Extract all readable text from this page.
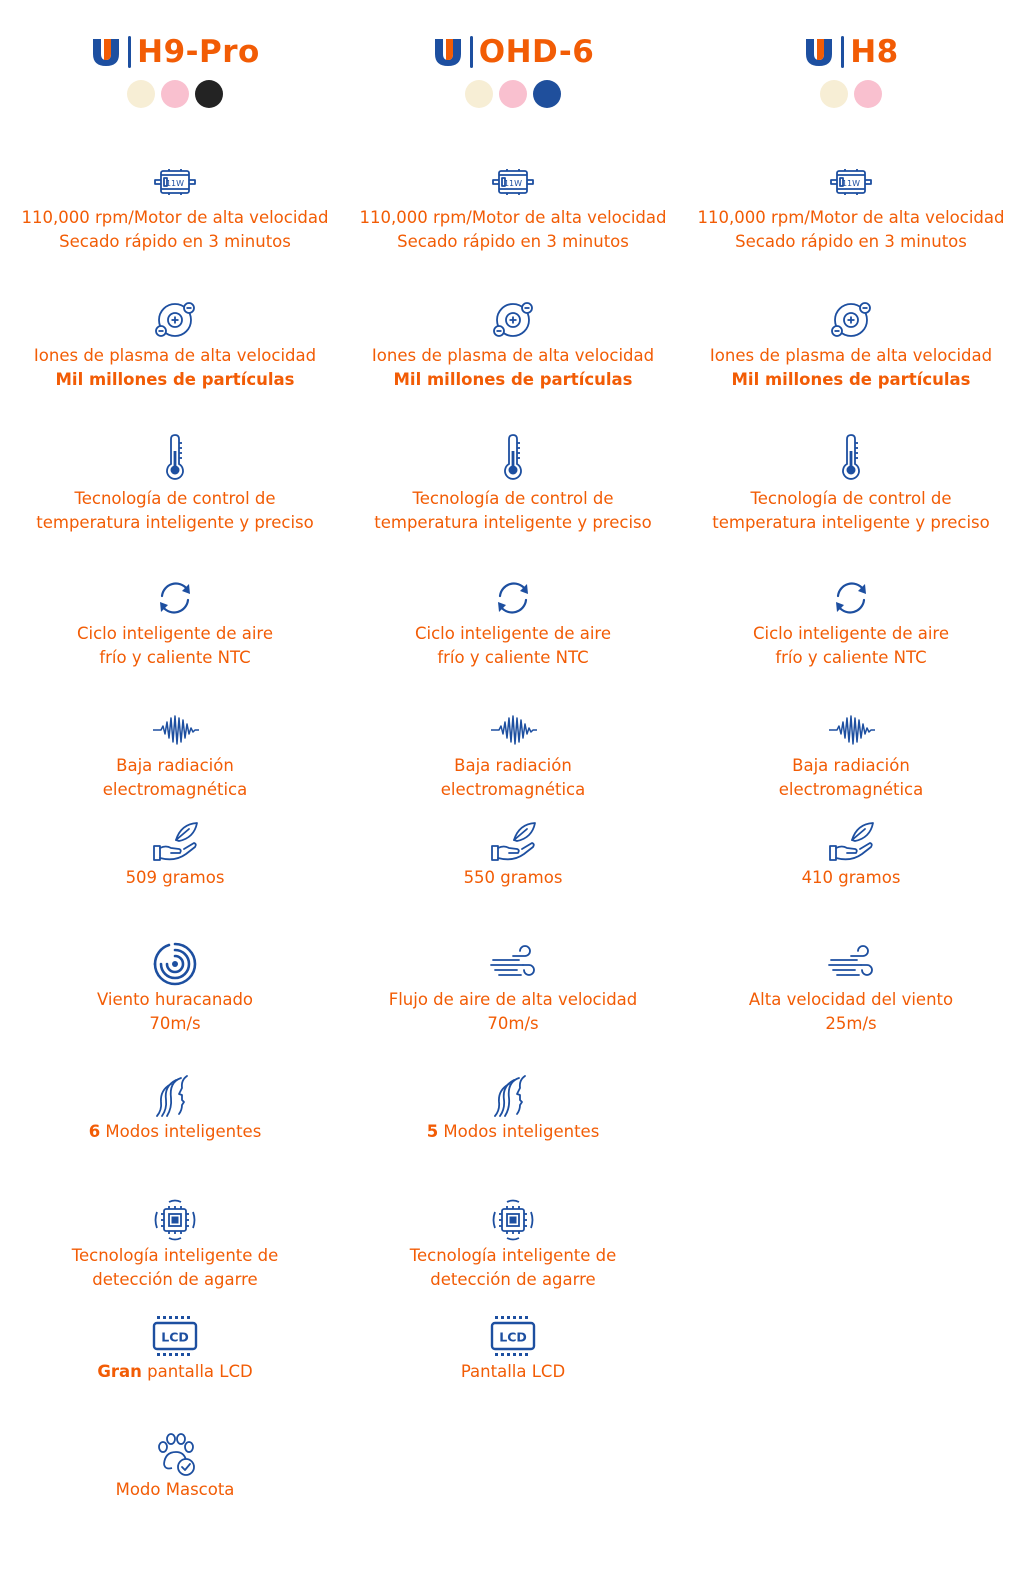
H9-Pro
11W
110,000 rpm/Motor de alta velocidad
Secado rápido en 3 minutos
Iones de plasma de alta velocidad
Mil millones de partículas
Tecnología de control de
temperatura inteligente y preciso
Ciclo inteligente de aire
frío y caliente NTC
Baja radiación
electromagnética
509 gramos
Viento huracanado
70m/s
6 Modos inteligentes
Tecnología inteligente de
detección de agarre
LCD
Gran pantalla LCD
Modo Mascota
OHD-6
11W
110,000 rpm/Motor de alta velocidad
Secado rápido en 3 minutos
Iones de plasma de alta velocidad
Mil millones de partículas
Tecnología de control de
temperatura inteligente y preciso
Ciclo inteligente de aire
frío y caliente NTC
Baja radiación
electromagnética
550 gramos
Flujo de aire de alta velocidad
70m/s
5 Modos inteligentes
Tecnología inteligente de
detección de agarre
LCD
Pantalla LCD
H8
11W
110,000 rpm/Motor de alta velocidad
Secado rápido en 3 minutos
Iones de plasma de alta velocidad
Mil millones de partículas
Tecnología de control de
temperatura inteligente y preciso
Ciclo inteligente de aire
frío y caliente NTC
Baja radiación
electromagnética
410 gramos
Alta velocidad del viento
25m/s
